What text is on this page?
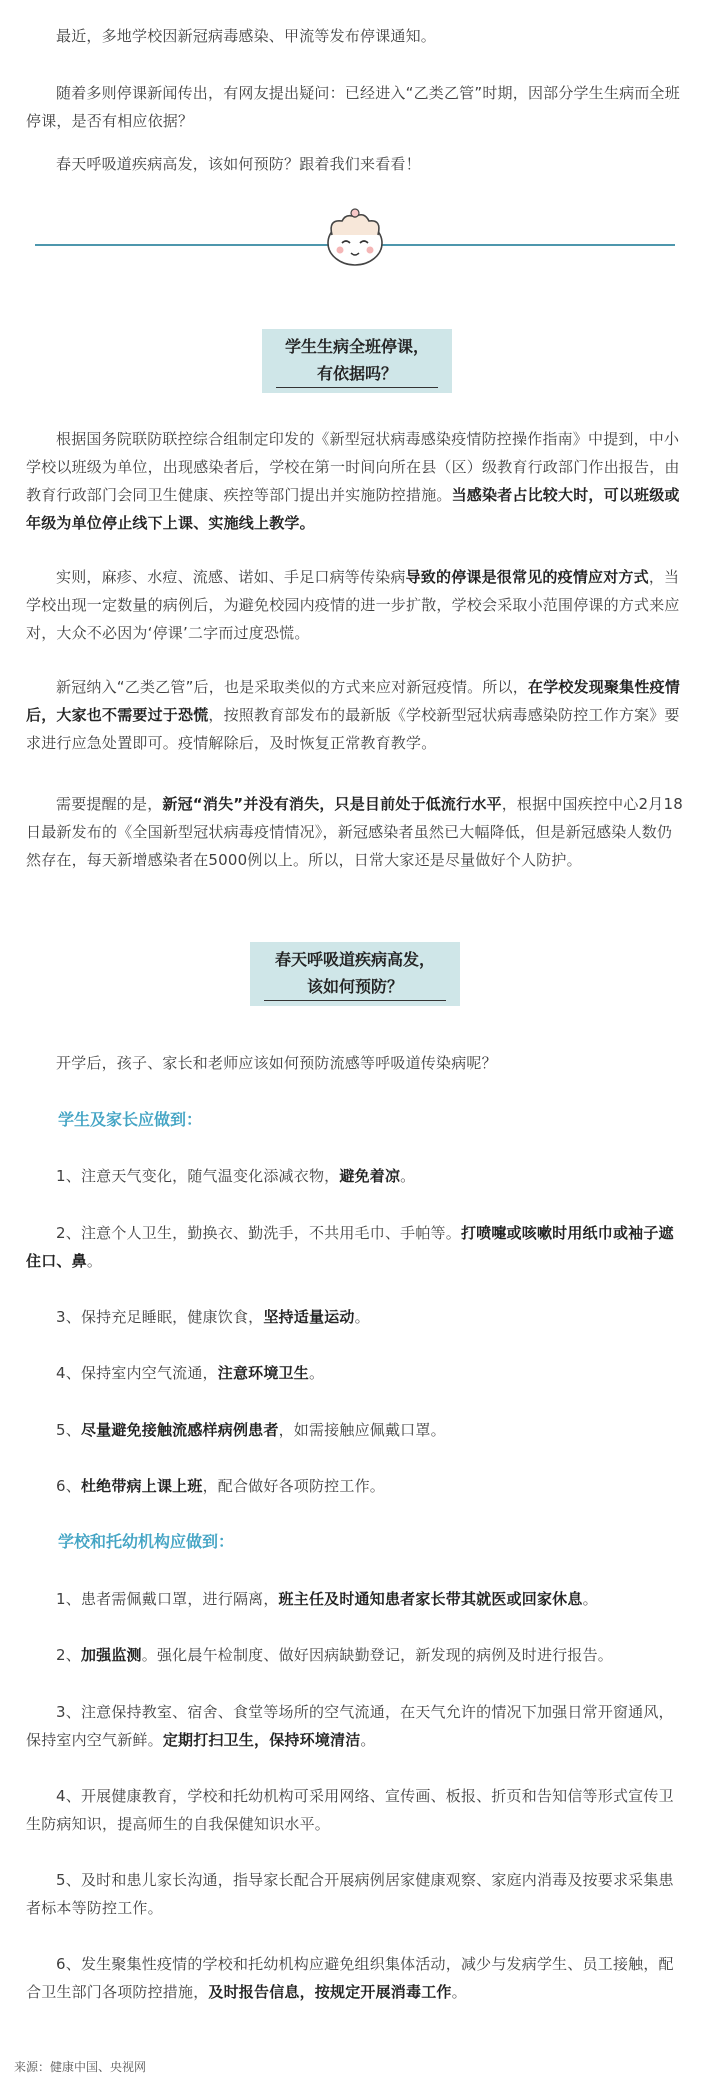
最近，多地学校因新冠病毒感染、甲流等发布停课通知。

随着多则停课新闻传出，有网友提出疑问：已经进入“乙类乙管”时期，因部分学生生病而全班停课，是否有相应依据？

春天呼吸道疾病高发，该如何预防？跟着我们来看看！

学生生病全班停课，
有依据吗？

根据国务院联防联控综合组制定印发的《新型冠状病毒感染疫情防控操作指南》中提到，中小学校以班级为单位，出现感染者后，学校在第一时间向所在县（区）级教育行政部门作出报告，由教育行政部门会同卫生健康、疾控等部门提出并实施防控措施。当感染者占比较大时，可以班级或年级为单位停止线下上课、实施线上教学。

实则，麻疹、水痘、流感、诺如、手足口病等传染病导致的停课是很常见的疫情应对方式，当学校出现一定数量的病例后，为避免校园内疫情的进一步扩散，学校会采取小范围停课的方式来应对，大众不必因为‘停课’二字而过度恐慌。

新冠纳入“乙类乙管”后，也是采取类似的方式来应对新冠疫情。所以，在学校发现聚集性疫情后，大家也不需要过于恐慌，按照教育部发布的最新版《学校新型冠状病毒感染防控工作方案》要求进行应急处置即可。疫情解除后，及时恢复正常教育教学。

需要提醒的是，新冠“消失”并没有消失，只是目前处于低流行水平，根据中国疾控中心2月18日最新发布的《全国新型冠状病毒疫情情况》，新冠感染者虽然已大幅降低，但是新冠感染人数仍然存在，每天新增感染者在5000例以上。所以，日常大家还是尽量做好个人防护。

春天呼吸道疾病高发，
该如何预防？

开学后，孩子、家长和老师应该如何预防流感等呼吸道传染病呢？

学生及家长应做到：

1、注意天气变化，随气温变化添减衣物，避免着凉。

2、注意个人卫生，勤换衣、勤洗手，不共用毛巾、手帕等。打喷嚏或咳嗽时用纸巾或袖子遮住口、鼻。

3、保持充足睡眠，健康饮食，坚持适量运动。

4、保持室内空气流通，注意环境卫生。

5、尽量避免接触流感样病例患者，如需接触应佩戴口罩。

6、杜绝带病上课上班，配合做好各项防控工作。

学校和托幼机构应做到：

1、患者需佩戴口罩，进行隔离，班主任及时通知患者家长带其就医或回家休息。

2、加强监测。强化晨午检制度、做好因病缺勤登记，新发现的病例及时进行报告。

3、注意保持教室、宿舍、食堂等场所的空气流通，在天气允许的情况下加强日常开窗通风，保持室内空气新鲜。定期打扫卫生，保持环境清洁。

4、开展健康教育，学校和托幼机构可采用网络、宣传画、板报、折页和告知信等形式宣传卫生防病知识，提高师生的自我保健知识水平。

5、及时和患儿家长沟通，指导家长配合开展病例居家健康观察、家庭内消毒及按要求采集患者标本等防控工作。

6、发生聚集性疫情的学校和托幼机构应避免组织集体活动，减少与发病学生、员工接触，配合卫生部门各项防控措施，及时报告信息，按规定开展消毒工作。

来源：健康中国、央视网
